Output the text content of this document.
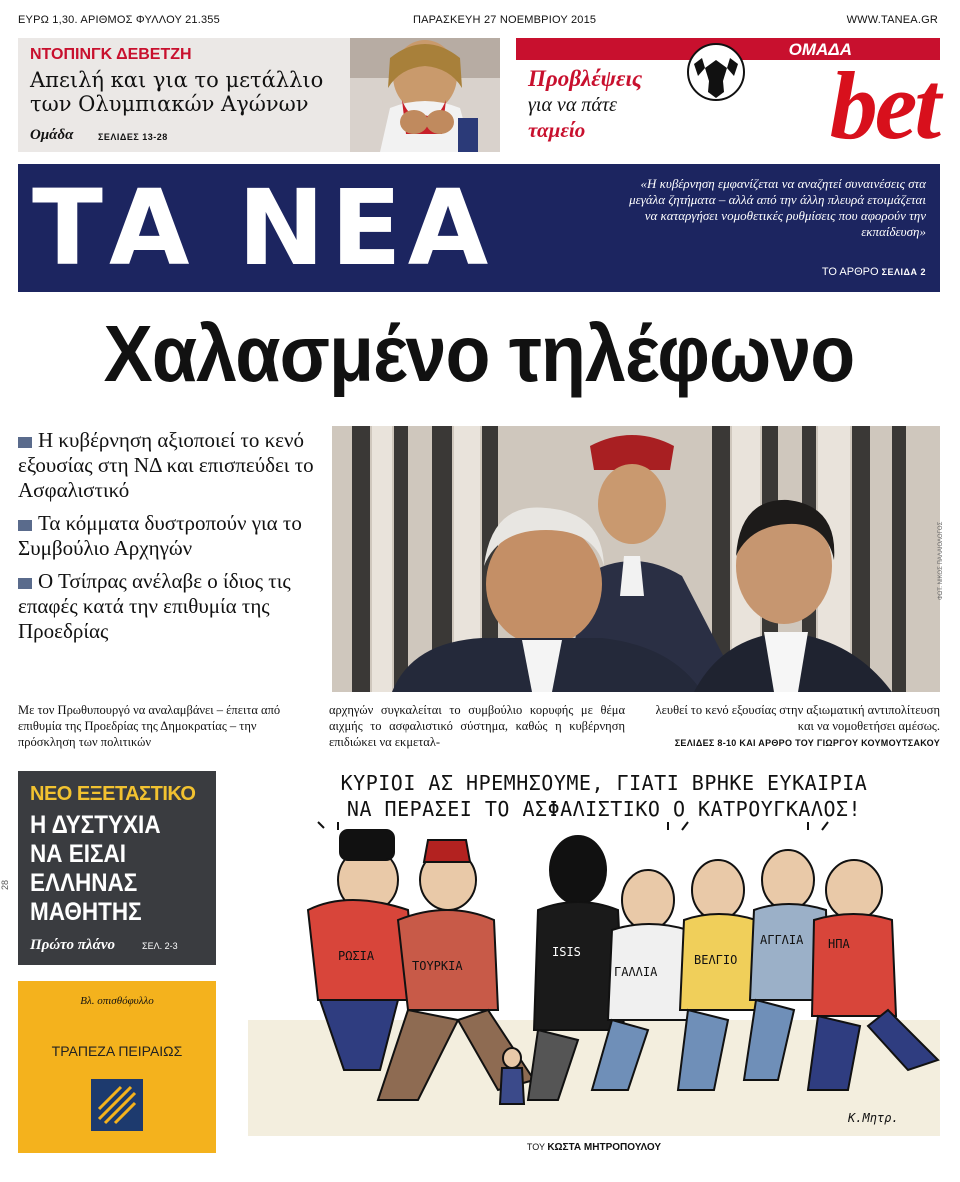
ΕΥΡΩ 1,30. ΑΡΙΘΜΟΣ ΦΥΛΛΟΥ 21.355	ΠΑΡΑΣΚΕΥΗ 27 ΝΟΕΜΒΡΙΟΥ 2015	WWW.TANEA.GR
ΝΤΟΠΙΝΓΚ ΔΕΒΕΤΖΗ
Απειλή και για το μετάλλιο των Ολυμπιακών Αγώνων
Ομάδα	ΣΕΛΙΔΕΣ 13-28
ΟΜΑΔΑ
Προβλέψεις
για να πάτε
ταμείο	bet
ΤΑ ΝΕΑ	«Η κυβέρνηση εμφανίζεται να αναζητεί συναινέσεις στα μεγάλα ζητήματα – αλλά από την άλλη πλευρά ετοιμάζεται να καταργήσει νομοθετικές ρυθμίσεις που αφορούν την εκπαίδευση»
ΤΟ ΑΡΘΡΟ ΣΕΛΙΔΑ 2
Χαλασμένο τηλέφωνο
Η κυβέρνηση αξιοποιεί το κενό εξουσίας στη ΝΔ και επισπεύδει το Ασφαλιστικό
Τα κόμματα δυστροπούν για το Συμβούλιο Αρχηγών
Ο Τσίπρας ανέλαβε ο ίδιος τις επαφές κατά την επιθυμία της Προεδρίας
ΦΩΤ. ΝΙΚΟΣ ΠΑΛΑΙΟΛΟΓΟΣ
Με τον Πρωθυπουργό να αναλαμβάνει – έπειτα από επιθυμία της Προεδρίας της Δημοκρατίας – την πρόσκληση των πολιτικών
αρχηγών συγκαλείται το συμβούλιο κορυφής με θέμα αιχμής το ασφαλιστικό σύστημα, καθώς η κυβέρνηση επιδιώκει να εκμεταλ-
λευθεί το κενό εξουσίας στην αξιωματική αντιπολίτευση και να νομοθετήσει αμέσως.
ΣΕΛΙΔΕΣ 8-10 ΚΑΙ ΑΡΘΡΟ ΤΟΥ ΓΙΩΡΓΟΥ ΚΟΥΜΟΥΤΣΑΚΟΥ
28
ΝΕΟ ΕΞΕΤΑΣΤΙΚΟ
Η ΔΥΣΤΥΧΙΑ ΝΑ ΕΙΣΑΙ ΕΛΛΗΝΑΣ ΜΑΘΗΤΗΣ
Πρώτο πλάνο	ΣΕΛ. 2-3
Βλ. οπισθόφυλλο
ΤΡΑΠΕΖΑ ΠΕΙΡΑΙΩΣ
ΚΥΡΙΟΙ ΑΣ ΗΡΕΜΗΣΟΥΜΕ, ΓΙΑΤΙ ΒΡΗΚΕ ΕΥΚΑΙΡΙΑ
ΝΑ ΠΕΡΑΣΕΙ ΤΟ ΑΣΦΑΛΙΣΤΙΚΟ Ο ΚΑΤΡΟΥΓΚΑΛΟΣ!
ΡΩΣΙΑ
ΤΟΥΡΚΙΑ
ISIS
ΓΑΛΛΙΑ
ΒΕΛΓΙΟ
ΑΓΓΛΙΑ ΗΠΑ
Κ.Μητρ.
ΤΟΥ ΚΩΣΤΑ ΜΗΤΡΟΠΟΥΛΟΥ
